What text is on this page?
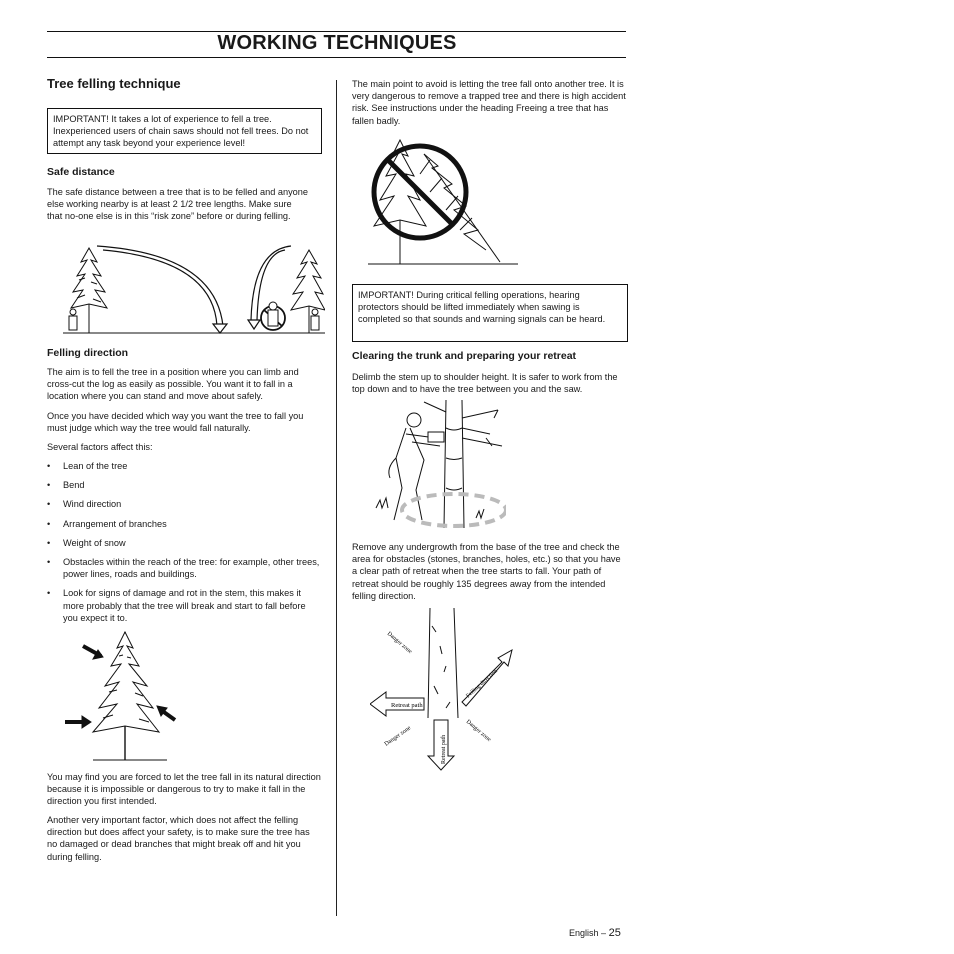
WORKING TECHNIQUES
Tree felling technique
IMPORTANT! It takes a lot of experience to fell a tree. Inexperienced users of chain saws should not fell trees. Do not attempt any task beyond your experience level!
Safe distance

The safe distance between a tree that is to be felled and anyone else working nearby is at least 2 1/2 tree lengths. Make sure that no-one else is in this “risk zone” before or during felling.

Felling direction

The aim is to fell the tree in a position where you can limb and cross-cut the log as easily as possible. You want it to fall in a location where you can stand and move about safely.

Once you have decided which way you want the tree to fall you must judge which way the tree would fall naturally.

Several factors affect this:

• Lean of the tree
• Bend
• Wind direction
• Arrangement of branches
• Weight of snow
• Obstacles within the reach of the tree: for example, other trees, power lines, roads and buildings.
• Look for signs of damage and rot in the stem, this makes it more probably that the tree will break and start to fall before you expect it to.

You may find you are forced to let the tree fall in its natural direction because it is impossible or dangerous to try to make it fall in the direction you first intended.

Another very important factor, which does not affect the felling direction but does affect your safety, is to make sure the tree has no damaged or dead branches that might break off and hit you during felling.

The main point to avoid is letting the tree fall onto another tree. It is very dangerous to remove a trapped tree and there is high accident risk. See instructions under the heading Freeing a tree that has fallen badly.

IMPORTANT! During critical felling operations, hearing protectors should be lifted immediately when sawing is completed so that sounds and warning signals can be heard.
Clearing the trunk and preparing your retreat

Delimb the stem up to shoulder height. It is safer to work from the top down and to have the tree between you and the saw.

Remove any undergrowth from the base of the tree and check the area for obstacles (stones, branches, holes, etc.) so that you have a clear path of retreat when the tree starts to fall. Your path of retreat should be roughly 135 degrees away from the intended felling direction.

Danger zone
Retreat path
Danger zone	Retreat path
Felling direction
Danger zone
English – 25
